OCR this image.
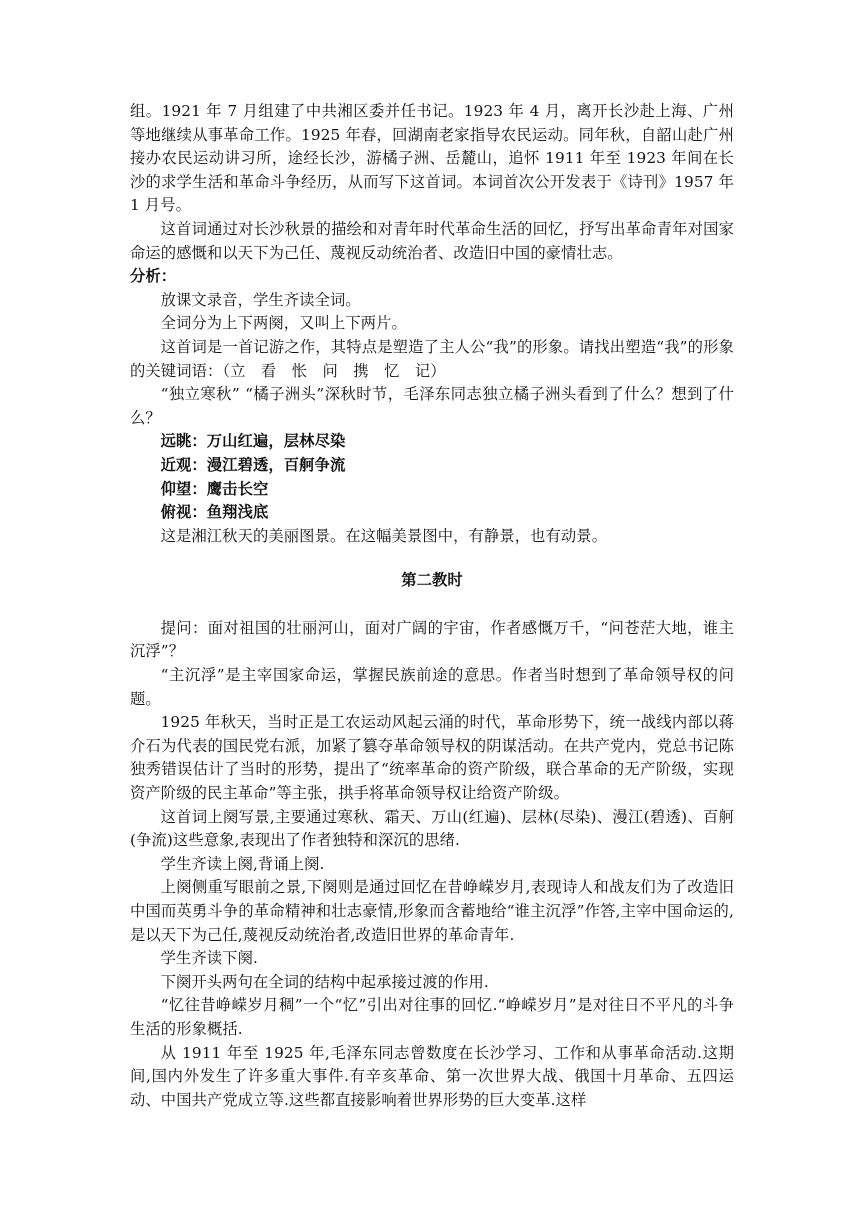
组。1921 年 7 月组建了中共湘区委并任书记。1923 年 4 月，离开长沙赴上海、广州等地继续从事革命工作。1925 年春，回湖南老家指导农民运动。同年秋，自韶山赴广州接办农民运动讲习所，途经长沙，游橘子洲、岳麓山，追怀 1911 年至 1923 年间在长沙的求学生活和革命斗争经历，从而写下这首词。本词首次公开发表于《诗刊》1957 年 1 月号。

这首词通过对长沙秋景的描绘和对青年时代革命生活的回忆，抒写出革命青年对国家命运的感慨和以天下为己任、蔑视反动统治者、改造旧中国的豪情壮志。

分析：

放课文录音，学生齐读全词。

全词分为上下两阕，又叫上下两片。

这首词是一首记游之作，其特点是塑造了主人公“我”的形象。请找出塑造“我”的形象的关键词语：（立　看　怅　问　携　忆　记）

“独立寒秋” “橘子洲头”深秋时节，毛泽东同志独立橘子洲头看到了什么？想到了什么？

远眺：万山红遍，层林尽染

近观：漫江碧透，百舸争流

仰望：鹰击长空

俯视：鱼翔浅底

这是湘江秋天的美丽图景。在这幅美景图中，有静景，也有动景。

第二教时

提问：面对祖国的壮丽河山，面对广阔的宇宙，作者感慨万千，“问苍茫大地，谁主沉浮”？

“主沉浮”是主宰国家命运，掌握民族前途的意思。作者当时想到了革命领导权的问题。

1925 年秋天，当时正是工农运动风起云涌的时代，革命形势下，统一战线内部以蒋介石为代表的国民党右派，加紧了篡夺革命领导权的阴谋活动。在共产党内，党总书记陈独秀错误估计了当时的形势，提出了“统率革命的资产阶级，联合革命的无产阶级，实现资产阶级的民主革命”等主张，拱手将革命领导权让给资产阶级。

这首词上阕写景,主要通过寒秋、霜天、万山(红遍)、层林(尽染)、漫江(碧透)、百舸(争流)这些意象,表现出了作者独特和深沉的思绪.

学生齐读上阕,背诵上阕.

上阕侧重写眼前之景,下阕则是通过回忆在昔峥嵘岁月,表现诗人和战友们为了改造旧中国而英勇斗争的革命精神和壮志豪情,形象而含蓄地给“谁主沉浮”作答,主宰中国命运的,是以天下为己任,蔑视反动统治者,改造旧世界的革命青年.

学生齐读下阕.

下阕开头两句在全词的结构中起承接过渡的作用.

“忆往昔峥嵘岁月稠”一个“忆”引出对往事的回忆.“峥嵘岁月”是对往日不平凡的斗争生活的形象概括.

从 1911 年至 1925 年,毛泽东同志曾数度在长沙学习、工作和从事革命活动.这期间,国内外发生了许多重大事件.有辛亥革命、第一次世界大战、俄国十月革命、五四运动、中国共产党成立等.这些都直接影响着世界形势的巨大变革.这样
